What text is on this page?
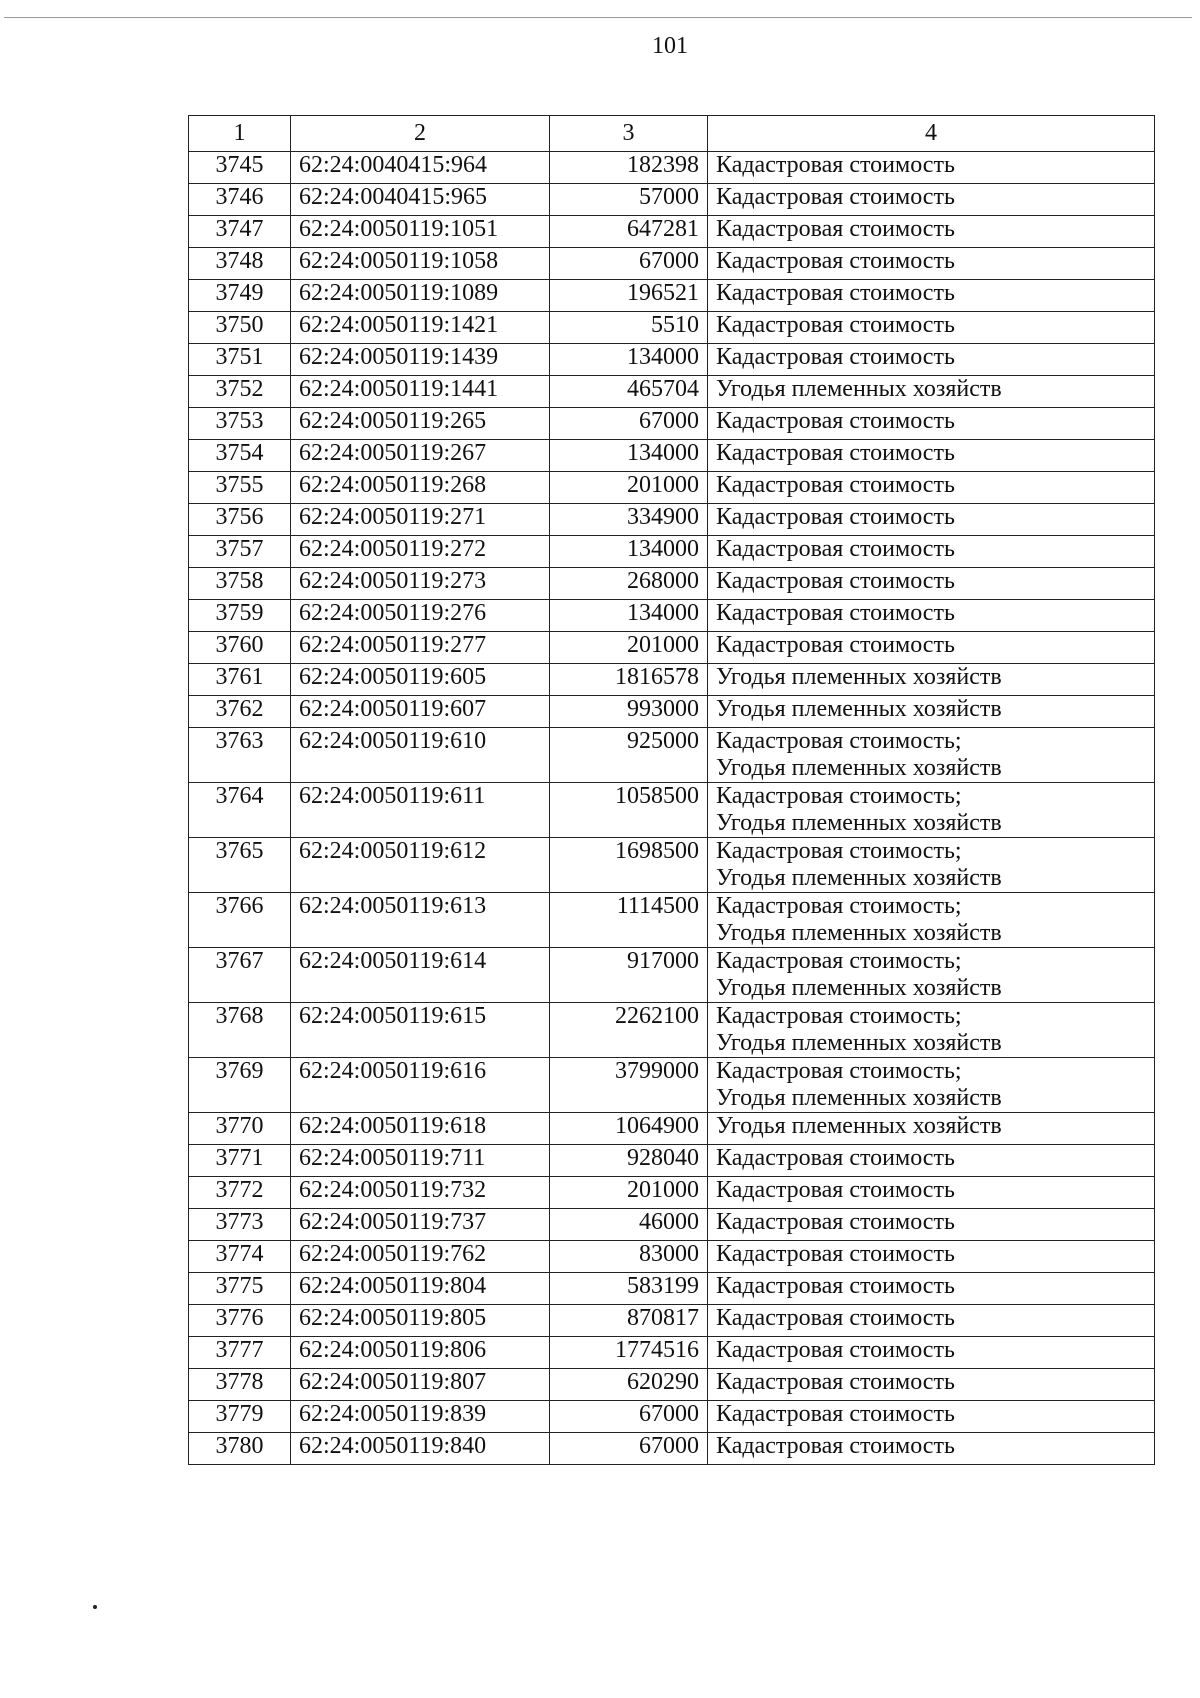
101
1	2	3	4
3745	62:24:0040415:964	182398	Кадастровая стоимость
3746	62:24:0040415:965	57000	Кадастровая стоимость
3747	62:24:0050119:1051	647281	Кадастровая стоимость
3748	62:24:0050119:1058	67000	Кадастровая стоимость
3749	62:24:0050119:1089	196521	Кадастровая стоимость
3750	62:24:0050119:1421	5510	Кадастровая стоимость
3751	62:24:0050119:1439	134000	Кадастровая стоимость
3752	62:24:0050119:1441	465704	Угодья племенных хозяйств
3753	62:24:0050119:265	67000	Кадастровая стоимость
3754	62:24:0050119:267	134000	Кадастровая стоимость
3755	62:24:0050119:268	201000	Кадастровая стоимость
3756	62:24:0050119:271	334900	Кадастровая стоимость
3757	62:24:0050119:272	134000	Кадастровая стоимость
3758	62:24:0050119:273	268000	Кадастровая стоимость
3759	62:24:0050119:276	134000	Кадастровая стоимость
3760	62:24:0050119:277	201000	Кадастровая стоимость
3761	62:24:0050119:605	1816578	Угодья племенных хозяйств
3762	62:24:0050119:607	993000	Угодья племенных хозяйств
3763	62:24:0050119:610	925000	Кадастровая стоимость;
Угодья племенных хозяйств
3764	62:24:0050119:611	1058500	Кадастровая стоимость;
Угодья племенных хозяйств
3765	62:24:0050119:612	1698500	Кадастровая стоимость;
Угодья племенных хозяйств
3766	62:24:0050119:613	1114500	Кадастровая стоимость;
Угодья племенных хозяйств
3767	62:24:0050119:614	917000	Кадастровая стоимость;
Угодья племенных хозяйств
3768	62:24:0050119:615	2262100	Кадастровая стоимость;
Угодья племенных хозяйств
3769	62:24:0050119:616	3799000	Кадастровая стоимость;
Угодья племенных хозяйств
3770	62:24:0050119:618	1064900	Угодья племенных хозяйств
3771	62:24:0050119:711	928040	Кадастровая стоимость
3772	62:24:0050119:732	201000	Кадастровая стоимость
3773	62:24:0050119:737	46000	Кадастровая стоимость
3774	62:24:0050119:762	83000	Кадастровая стоимость
3775	62:24:0050119:804	583199	Кадастровая стоимость
3776	62:24:0050119:805	870817	Кадастровая стоимость
3777	62:24:0050119:806	1774516	Кадастровая стоимость
3778	62:24:0050119:807	620290	Кадастровая стоимость
3779	62:24:0050119:839	67000	Кадастровая стоимость
3780	62:24:0050119:840	67000	Кадастровая стоимость
